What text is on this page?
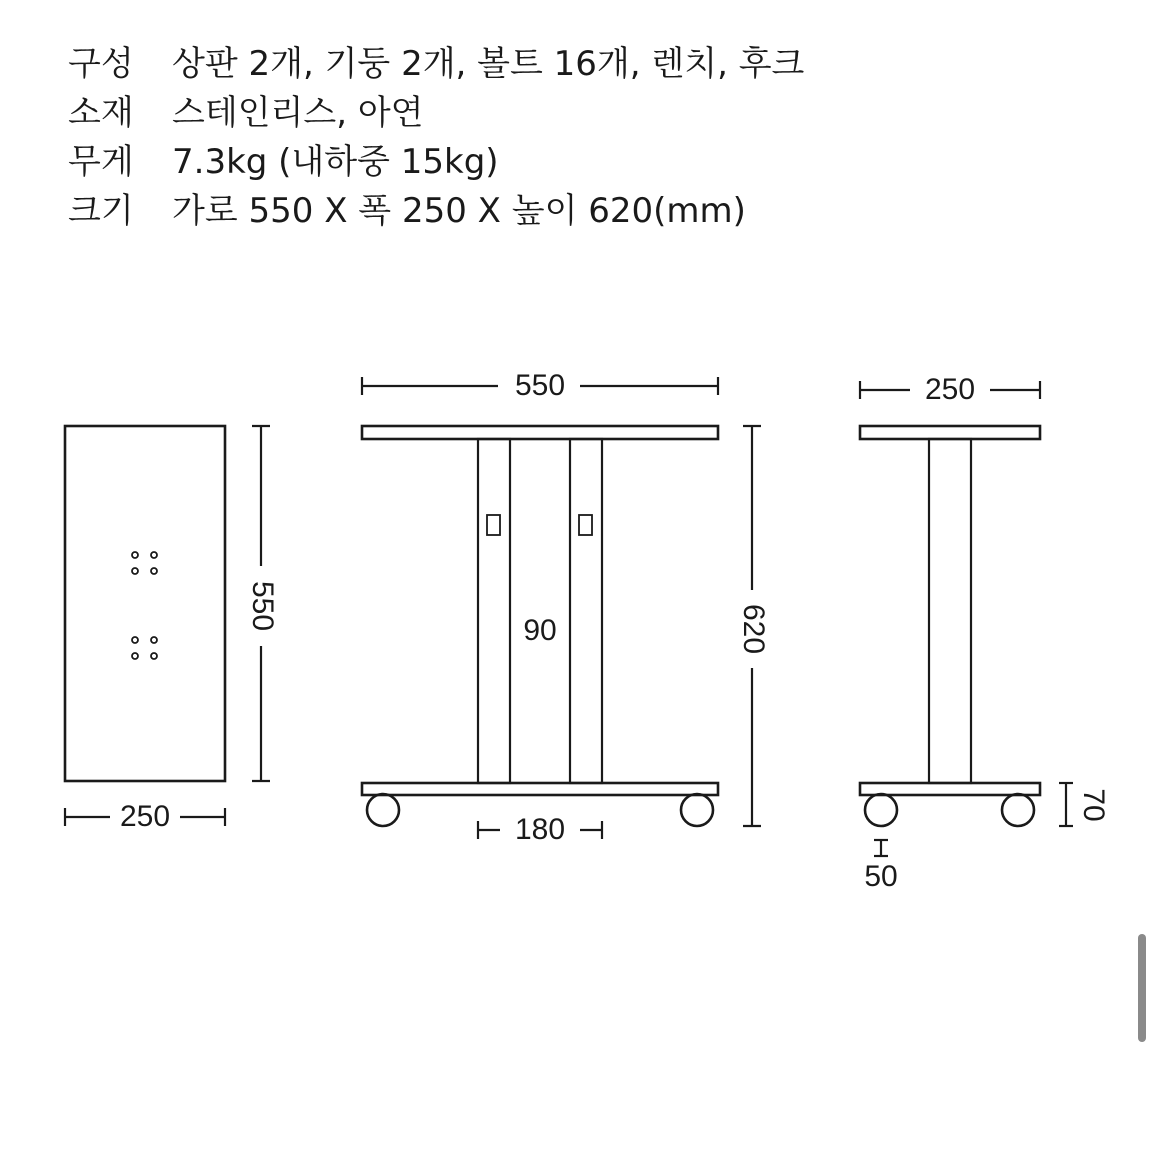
구성	상판 2개, 기둥 2개, 볼트 16개, 렌치, 후크
소재	스테인리스, 아연
무게	7.3kg (내하중 15kg)
크기	가로 550 X 폭 250 X 높이 620(mm)
550
250
550
90
180
620
250
70
50
